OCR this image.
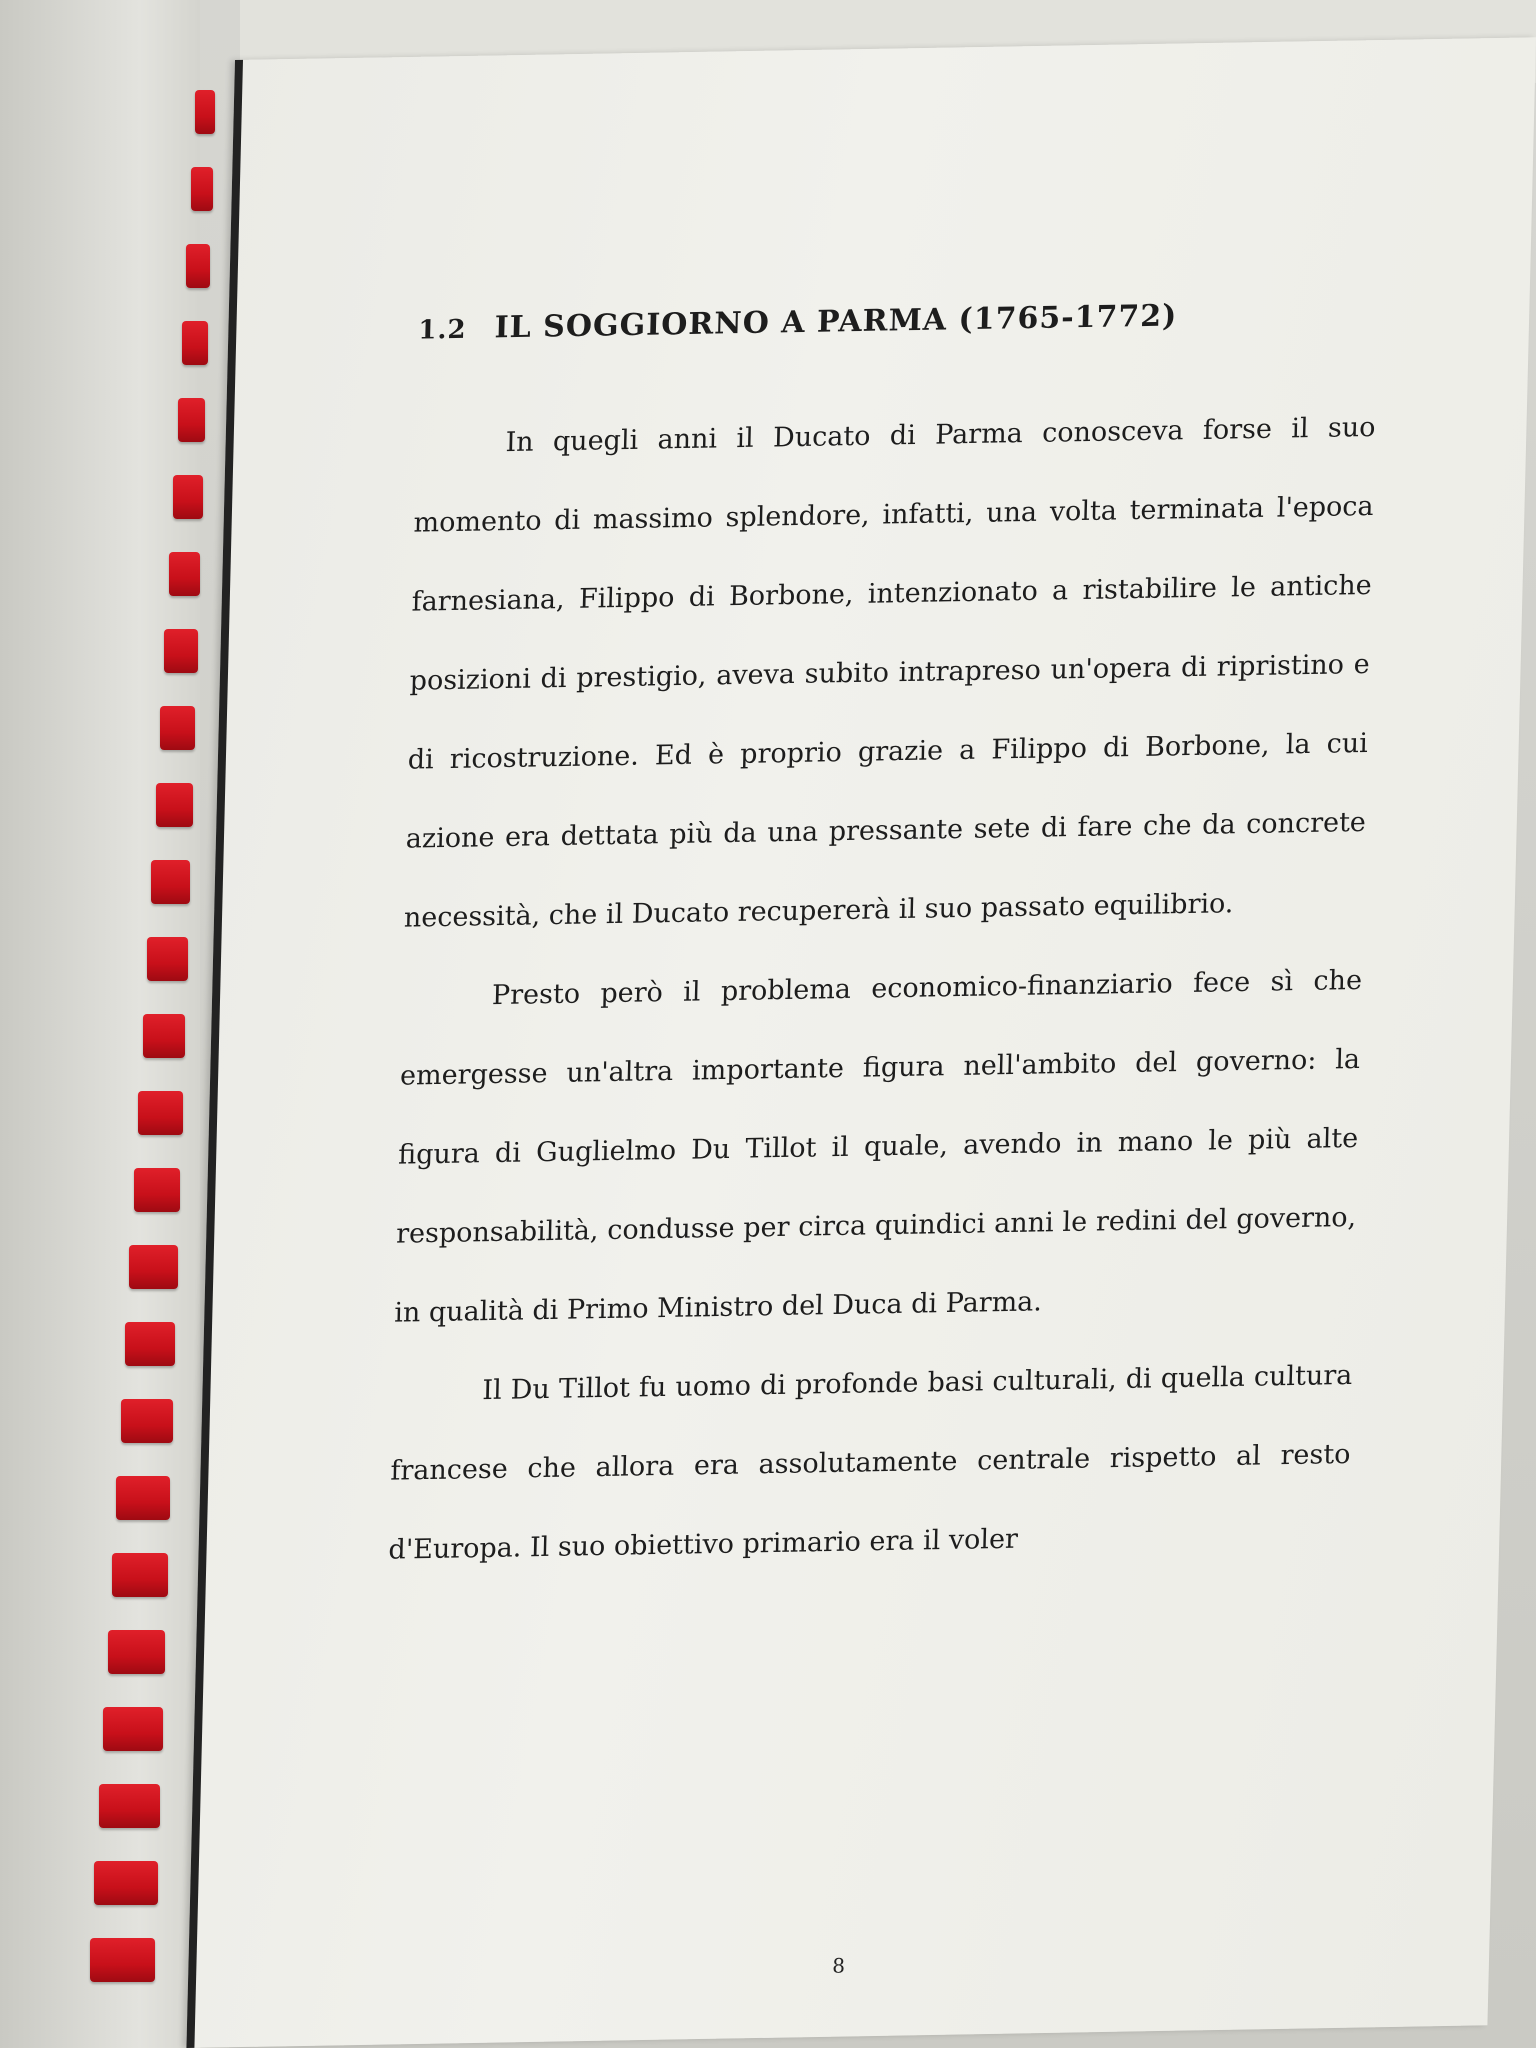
1.2 IL SOGGIORNO A PARMA (1765-1772)

In quegli anni il Ducato di Parma conosceva forse il suo momento di massimo splendore, infatti, una volta terminata l'epoca farnesiana, Filippo di Borbone, intenzionato a ristabilire le antiche posizioni di prestigio, aveva subito intrapreso un'opera di ripristino e di ricostruzione. Ed è proprio grazie a Filippo di Borbone, la cui azione era dettata più da una pressante sete di fare che da concrete necessità, che il Ducato recupererà il suo passato equilibrio.

Presto però il problema economico-finanziario fece sì che emergesse un'altra importante figura nell'ambito del governo: la figura di Guglielmo Du Tillot il quale, avendo in mano le più alte responsabilità, condusse per circa quindici anni le redini del governo, in qualità di Primo Ministro del Duca di Parma.

Il Du Tillot fu uomo di profonde basi culturali, di quella cultura francese che allora era assolutamente centrale rispetto al resto d'Europa. Il suo obiettivo primario era il voler

8
